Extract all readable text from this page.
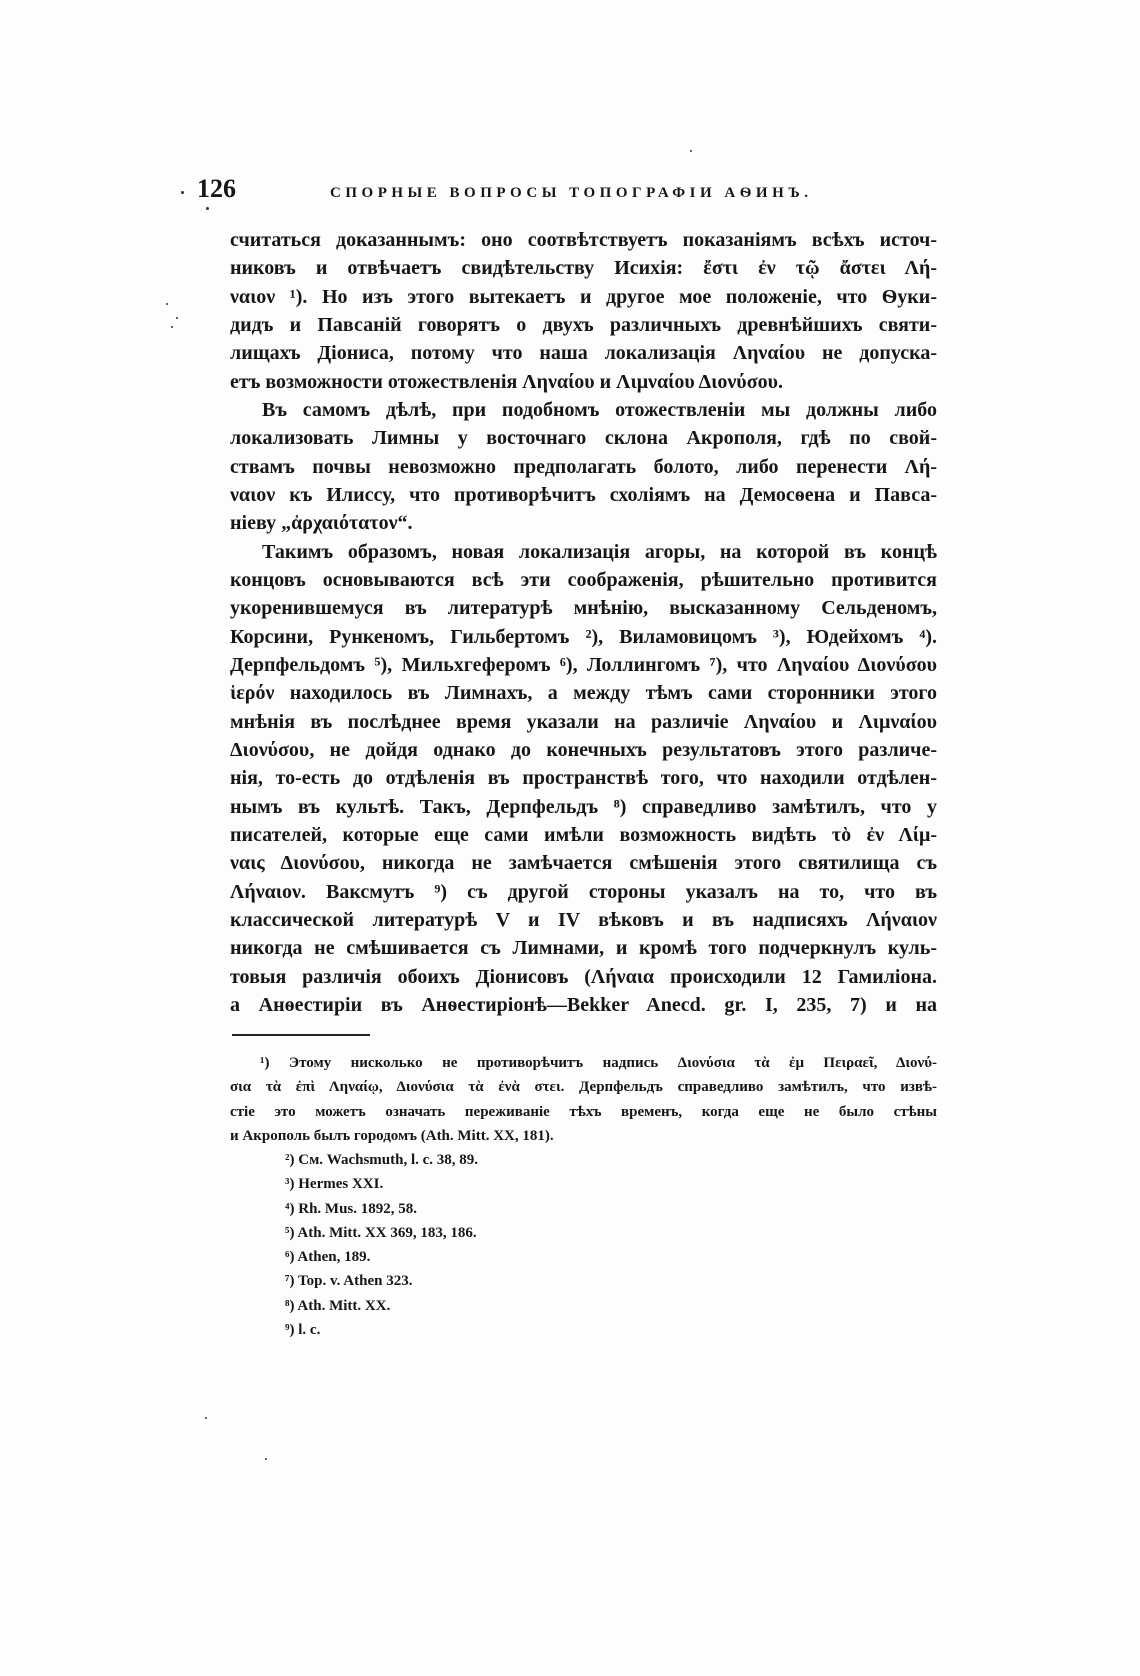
126	СПОРНЫЕ ВОПРОСЫ ТОПОГРАФІИ АѲИНЪ.
считаться доказаннымъ: оно соотвѣтствуетъ показаніямъ всѣхъ источ-
никовъ и отвѣчаетъ свидѣтельству Исихія: ἔστι ἐν τῷ ἄστει Λή-
ναιον ¹). Но изъ этого вытекаетъ и другое мое положеніе, что Ѳуки-
дидъ и Павсаній говорятъ о двухъ различныхъ древнѣйшихъ святи-
лищахъ Діониса, потому что наша локализація Ληναίου не допуска-
етъ возможности отожествленія Ληναίου и Λιμναίου Διονύσου.
Въ самомъ дѣлѣ, при подобномъ отожествленіи мы должны либо
локализовать Лимны у восточнаго склона Акрополя, гдѣ по свой-
ствамъ почвы невозможно предполагать болото, либо перенести Λή-
ναιον къ Илиссу, что противорѣчитъ схоліямъ на Демосѳена и Павса-
ніеву „ἀρχαιότατον“.
Такимъ образомъ, новая локализація агоры, на которой въ концѣ
концовъ основываются всѣ эти соображенія, рѣшительно противится
укоренившемуся въ литературѣ мнѣнію, высказанному Сельденомъ,
Корсини, Рункеномъ, Гильбертомъ ²), Виламовицомъ ³), Юдейхомъ ⁴).
Дерпфельдомъ ⁵), Мильхгеферомъ ⁶), Лоллингомъ ⁷), что Ληναίου Διονύσου
ἱερόν находилось въ Лимнахъ, а между тѣмъ сами сторонники этого
мнѣнія въ послѣднее время указали на различіе Ληναίου и Λιμναίου
Διονύσου, не дойдя однако до конечныхъ результатовъ этого различе-
нія, то-есть до отдѣленія въ пространствѣ того, что находили отдѣлен-
нымъ въ культѣ. Такъ, Дерпфельдъ ⁸) справедливо замѣтилъ, что у
писателей, которые еще сами имѣли возможность видѣть τὸ ἐν Λίμ-
ναις Διονύσου, никогда не замѣчается смѣшенія этого святилища съ
Λήναιον. Ваксмутъ ⁹) съ другой стороны указалъ на то, что въ
классической литературѣ V и IV вѣковъ и въ надписяхъ Λήναιον
никогда не смѣшивается съ Лимнами, и кромѣ того подчеркнулъ куль-
товыя различія обоихъ Діонисовъ (Λήναια происходили 12 Гамиліона.
а Анѳестиріи въ Анѳестиріонѣ—Bekker Anecd. gr. I, 235, 7) и на
¹) Этому нисколько не противорѣчитъ надпись Διονύσια τὰ ἐμ Πειραεῖ, Διονύ-
σια τὰ ἐπὶ Ληναίῳ, Διονύσια τὰ ἐνὰ στει. Дерпфельдъ справедливо замѣтилъ, что извѣ-
стіе это можетъ означать переживаніе тѣхъ временъ, когда еще не было стѣны
и Акрополь былъ городомъ (Ath. Mitt. XX, 181).
²) См. Wachsmuth, l. c. 38, 89.
³) Hermes XXI.
⁴) Rh. Mus. 1892, 58.
⁵) Ath. Mitt. XX 369, 183, 186.
⁶) Athen, 189.
⁷) Top. v. Athen 323.
⁸) Ath. Mitt. XX.
⁹) l. c.
